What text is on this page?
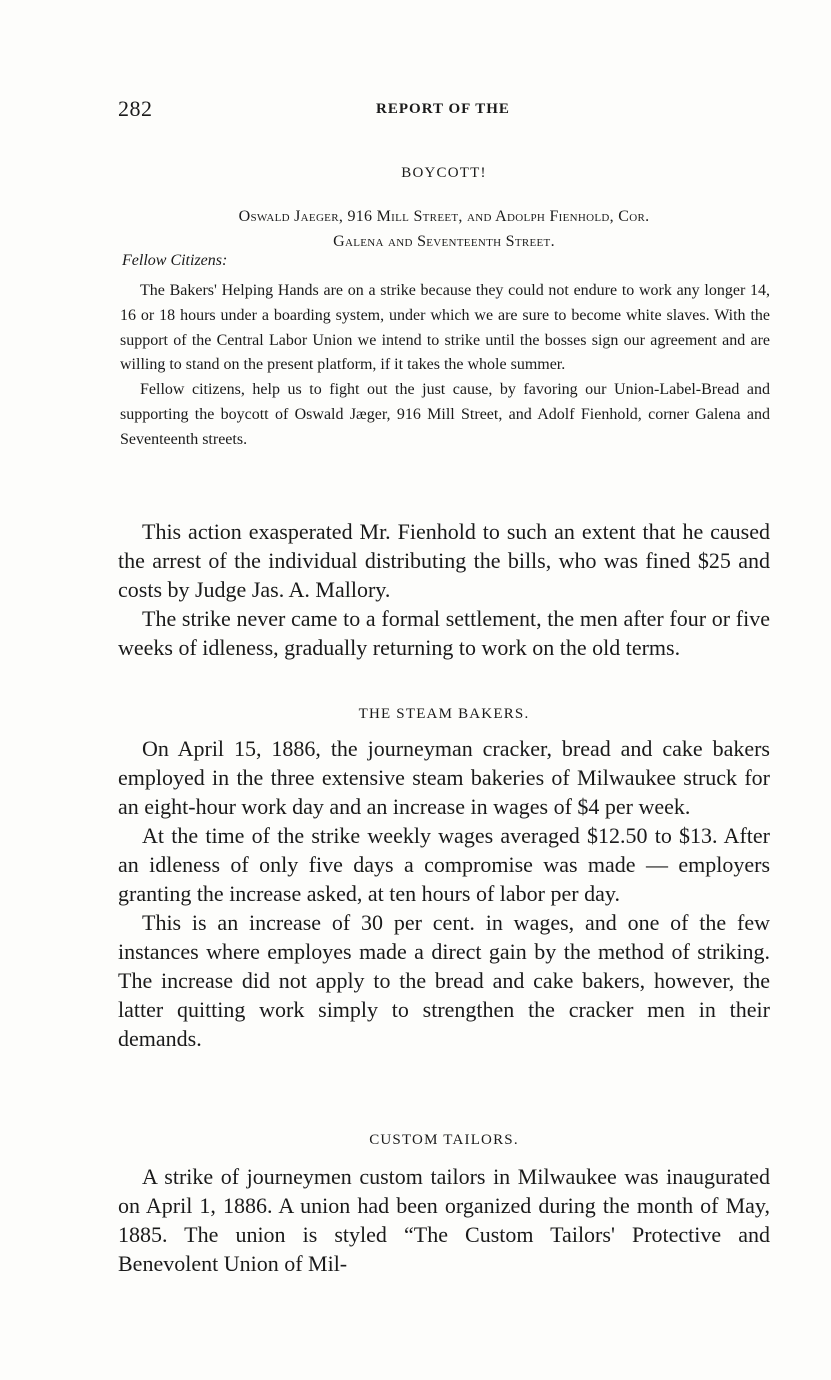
282	REPORT OF THE
BOYCOTT!
Oswald Jaeger, 916 Mill Street, and Adolph Fienhold, Cor.
Galena and Seventeenth Street.
Fellow Citizens:

The Bakers' Helping Hands are on a strike because they could not endure to work any longer 14, 16 or 18 hours under a boarding system, under which we are sure to become white slaves. With the support of the Central Labor Union we intend to strike until the bosses sign our agreement and are willing to stand on the present platform, if it takes the whole summer.

Fellow citizens, help us to fight out the just cause, by favoring our Union-Label-Bread and supporting the boycott of Oswald Jæger, 916 Mill Street, and Adolf Fienhold, corner Galena and Seventeenth streets.

This action exasperated Mr. Fienhold to such an extent that he caused the arrest of the individual distributing the bills, who was fined $25 and costs by Judge Jas. A. Mallory.

The strike never came to a formal settlement, the men after four or five weeks of idleness, gradually returning to work on the old terms.

THE STEAM BAKERS.

On April 15, 1886, the journeyman cracker, bread and cake bakers employed in the three extensive steam bakeries of Milwaukee struck for an eight-hour work day and an increase in wages of $4 per week.

At the time of the strike weekly wages averaged $12.50 to $13. After an idleness of only five days a compromise was made — employers granting the increase asked, at ten hours of labor per day.

This is an increase of 30 per cent. in wages, and one of the few instances where employes made a direct gain by the method of striking. The increase did not apply to the bread and cake bakers, however, the latter quitting work simply to strengthen the cracker men in their demands.

CUSTOM TAILORS.

A strike of journeymen custom tailors in Milwaukee was inaugurated on April 1, 1886. A union had been organized during the month of May, 1885. The union is styled “The Custom Tailors' Protective and Benevolent Union of Mil-
